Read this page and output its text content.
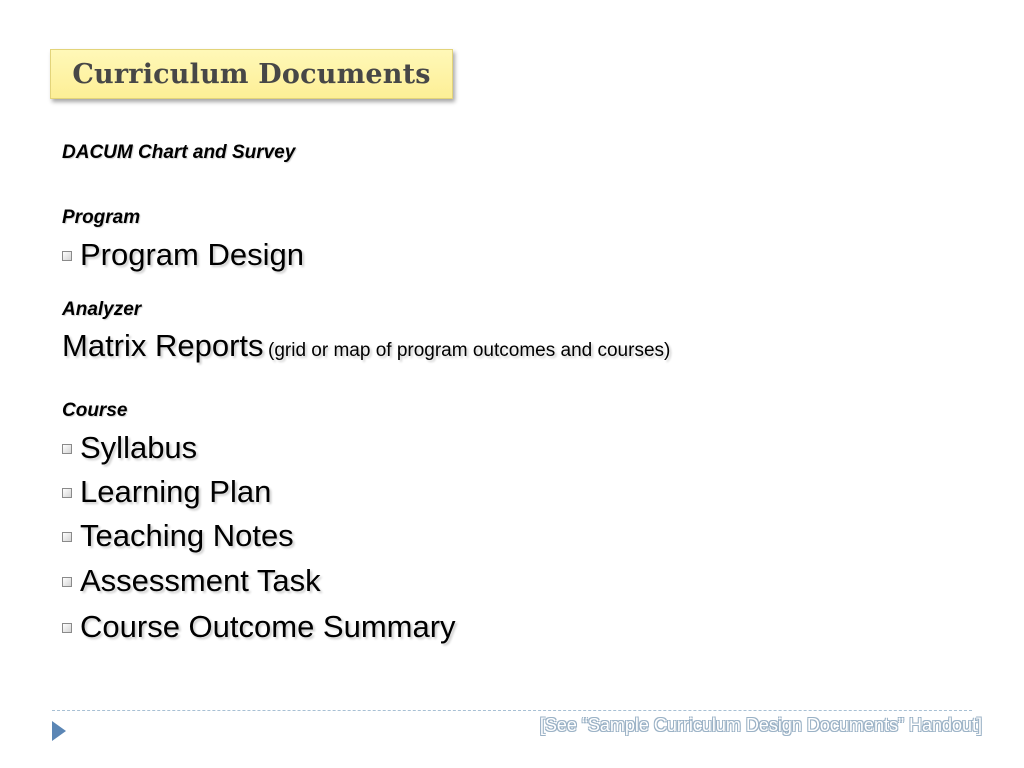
Curriculum Documents
DACUM Chart and Survey
Program
Program Design
Analyzer
Matrix Reports (grid or map of program outcomes and courses)
Course
Syllabus
Learning Plan
Teaching Notes
Assessment Task
Course Outcome Summary
[See “Sample Curriculum Design Documents” Handout]
